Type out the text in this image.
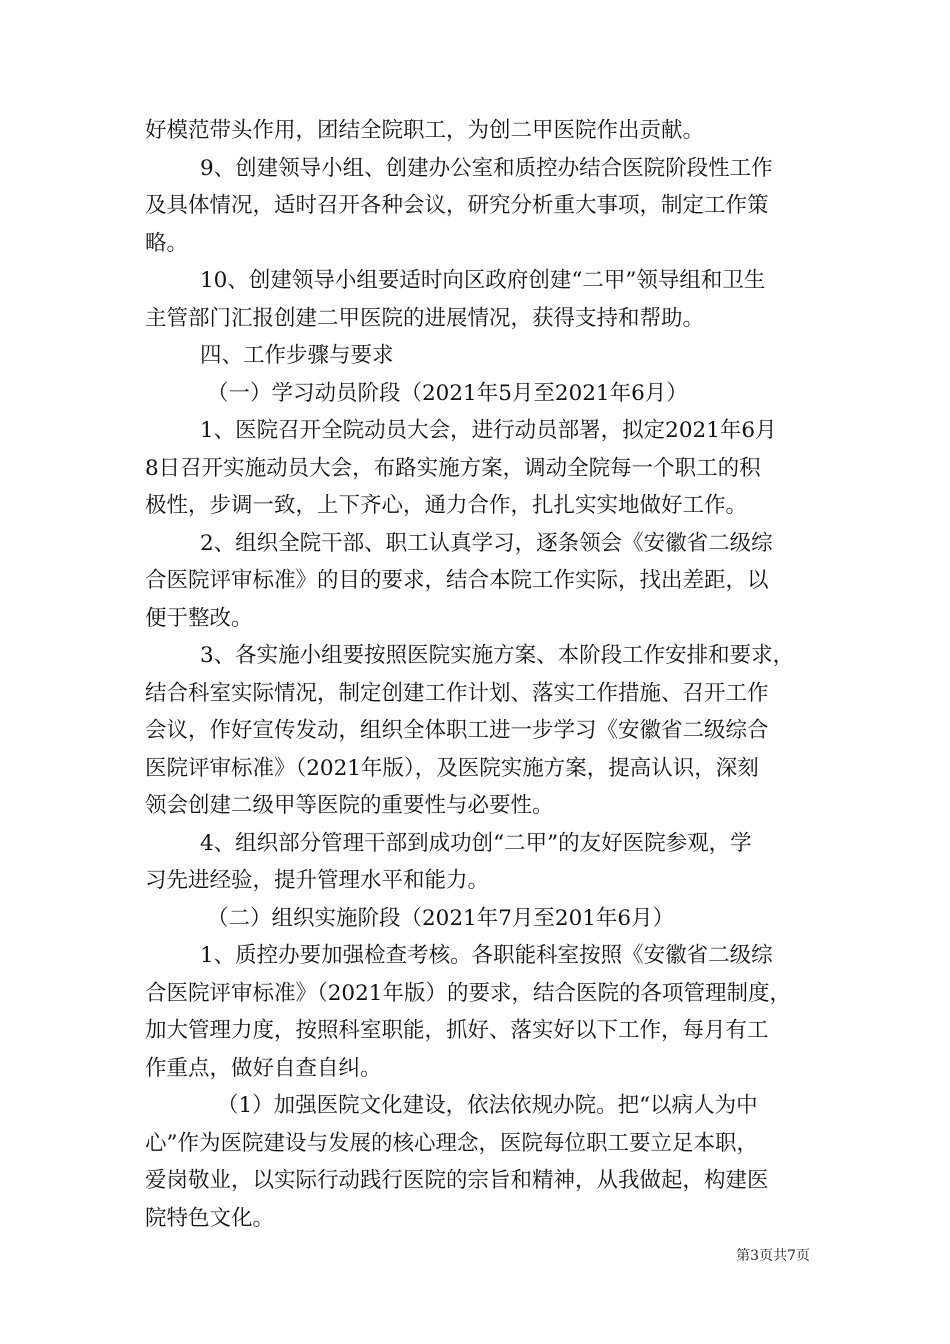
好模范带头作用，团结全院职工，为创二甲医院作出贡献。
9、创建领导小组、创建办公室和质控办结合医院阶段性工作
及具体情况，适时召开各种会议，研究分析重大事项，制定工作策
略。
10、创建领导小组要适时向区政府创建“二甲”领导组和卫生
主管部门汇报创建二甲医院的进展情况，获得支持和帮助。
四、工作步骤与要求
（一）学习动员阶段（2021年5月至2021年6月）
1、医院召开全院动员大会，进行动员部署，拟定2021年6月
8日召开实施动员大会，布路实施方案，调动全院每一个职工的积
极性，步调一致，上下齐心，通力合作，扎扎实实地做好工作。
2、组织全院干部、职工认真学习，逐条领会《安徽省二级综
合医院评审标准》的目的要求，结合本院工作实际，找出差距，以
便于整改。
3、各实施小组要按照医院实施方案、本阶段工作安排和要求，
结合科室实际情况，制定创建工作计划、落实工作措施、召开工作
会议，作好宣传发动，组织全体职工进一步学习《安徽省二级综合
医院评审标准》（2021年版），及医院实施方案，提高认识，深刻
领会创建二级甲等医院的重要性与必要性。
4、组织部分管理干部到成功创“二甲”的友好医院参观，学
习先进经验，提升管理水平和能力。
（二）组织实施阶段（2021年7月至201年6月）
1、质控办要加强检查考核。各职能科室按照《安徽省二级综
合医院评审标准》（2021年版）的要求，结合医院的各项管理制度，
加大管理力度，按照科室职能，抓好、落实好以下工作，每月有工
作重点，做好自查自纠。
（1）加强医院文化建设，依法依规办院。把“以病人为中
心”作为医院建设与发展的核心理念，医院每位职工要立足本职，
爱岗敬业，以实际行动践行医院的宗旨和精神，从我做起，构建医
院特色文化。
第3页共7页
